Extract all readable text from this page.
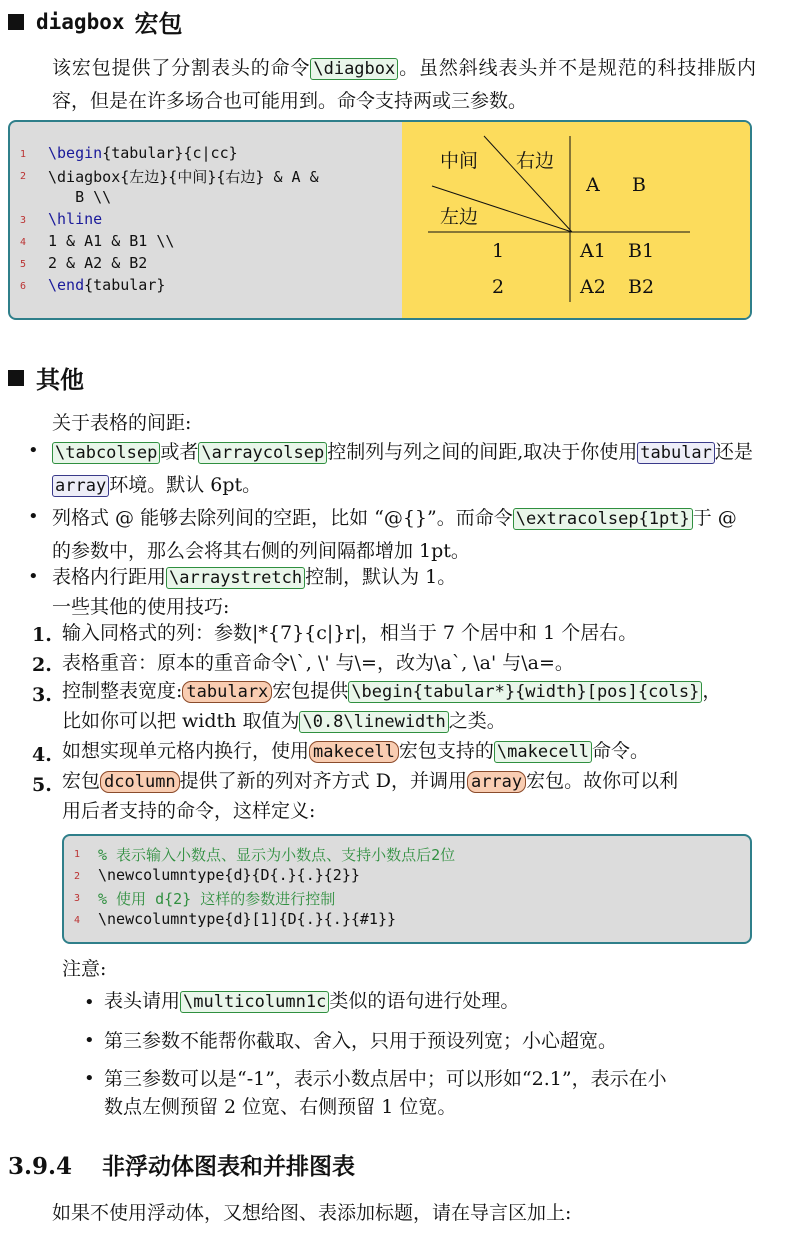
diagbox 宏包
该宏包提供了分割表头的命令 \diagbox 。虽然斜线表头并不是规范的科技排版内容，但是在许多场合也可能用到。命令支持两或三参数。
1 \begin{tabular}{c|cc}
2 \diagbox{左边}{中间}{右边} & A &
B \\
3 \hline
4 1 & A1 & B1 \\
5 2 & A2 & B2
6 \end{tabular}
中间 右边
左边
A B
1	A1 B1
2	A2 B2
其他
关于表格的间距:
• \tabcolsep 或者 \arraycolsep 控制列与列之间的间距,取决于你使用 tabular 还是array 环境。默认 6pt。
• 列格式 @ 能够去除列间的空距，比如 “@{}”。而命令 \extracolsep{1pt} 于 @ 的参数中，那么会将其右侧的列间隔都增加 1pt。
• 表格内行距用 \arraystretch 控制，默认为 1。
一些其他的使用技巧:
1. 输入同格式的列：参数|*{7}{c|}r|，相当于 7 个居中和 1 个居右。
2. 表格重音：原本的重音命令\`, \' 与\=，改为\a`, \a' 与\a=。
3. 控制整表宽度: tabularx 宏包提供 \begin{tabular*}{width}[pos]{cols} ，
比如你可以把 width 取值为 \0.8\linewidth 之类。
4. 如想实现单元格内换行，使用 makecell 宏包支持的 \makecell 命令。
5. 宏包 dcolumn 提供了新的列对齐方式 D，并调用 array 宏包。故你可以利
用后者支持的命令，这样定义:
1 % 表示输入小数点、显示为小数点、支持小数点后2位
2 \newcolumntype{d}{D{.}{.}{2}}
3 % 使用 d{2} 这样的参数进行控制
4 \newcolumntype{d}[1]{D{.}{.}{#1}}
注意:
• 表头请用 \multicolumn1c 类似的语句进行处理。
• 第三参数不能帮你截取、舍入，只用于预设列宽；小心超宽。
• 第三参数可以是“-1”，表示小数点居中；可以形如“2.1”，表示在小
数点左侧预留 2 位宽、右侧预留 1 位宽。
3.9.4 非浮动体图表和并排图表
如果不使用浮动体，又想给图、表添加标题，请在导言区加上:
